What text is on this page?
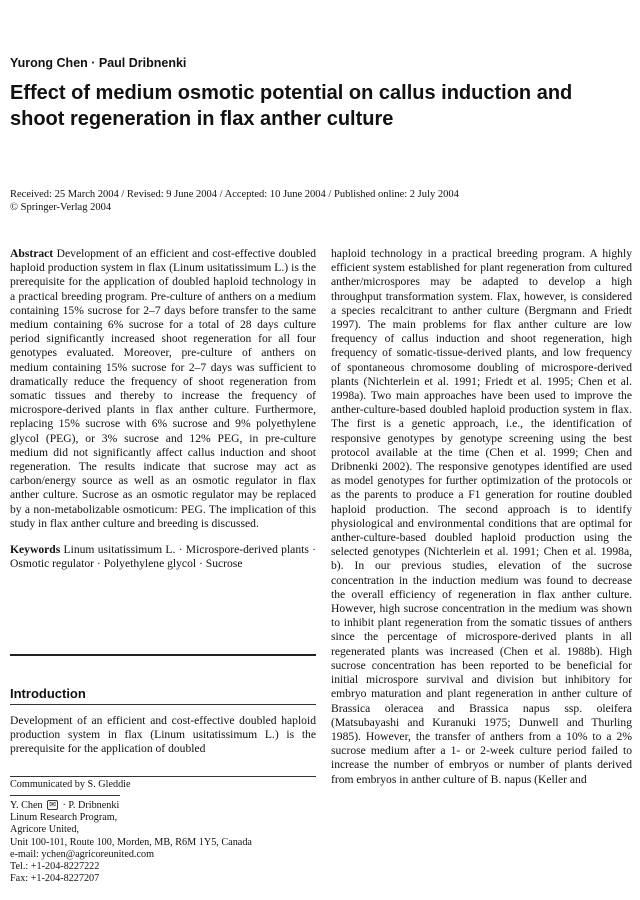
Yurong Chen · Paul Dribnenki
Effect of medium osmotic potential on callus induction and shoot regeneration in flax anther culture
Received: 25 March 2004 / Revised: 9 June 2004 / Accepted: 10 June 2004 / Published online: 2 July 2004
© Springer-Verlag 2004

Abstract Development of an efficient and cost-effective doubled haploid production system in flax (Linum usitatissimum L.) is the prerequisite for the application of doubled haploid technology in a practical breeding program. Pre-culture of anthers on a medium containing 15% sucrose for 2–7 days before transfer to the same medium containing 6% sucrose for a total of 28 days culture period significantly increased shoot regeneration for all four genotypes evaluated. Moreover, pre-culture of anthers on medium containing 15% sucrose for 2–7 days was sufficient to dramatically reduce the frequency of shoot regeneration from somatic tissues and thereby to increase the frequency of microspore-derived plants in flax anther culture. Furthermore, replacing 15% sucrose with 6% sucrose and 9% polyethylene glycol (PEG), or 3% sucrose and 12% PEG, in pre-culture medium did not significantly affect callus induction and shoot regeneration. The results indicate that sucrose may act as carbon/energy source as well as an osmotic regulator in flax anther culture. Sucrose as an osmotic regulator may be replaced by a non-metabolizable osmoticum: PEG. The implication of this study in flax anther culture and breeding is discussed.

Keywords Linum usitatissimum L. · Microspore-derived plants · Osmotic regulator · Polyethylene glycol · Sucrose

Introduction
Development of an efficient and cost-effective doubled haploid production system in flax (Linum usitatissimum L.) is the prerequisite for the application of doubled
Communicated by S. Gleddie
Y. Chen ✉ · P. Dribnenki
Linum Research Program,
Agricore United,
Unit 100-101, Route 100, Morden, MB, R6M 1Y5, Canada
e-mail: ychen@agricoreunited.com
Tel.: +1-204-8227222
Fax: +1-204-8227207

haploid technology in a practical breeding program. A highly efficient system established for plant regeneration from cultured anther/microspores may be adapted to develop a high throughput transformation system. Flax, however, is considered a species recalcitrant to anther culture (Bergmann and Friedt 1997). The main problems for flax anther culture are low frequency of callus induction and shoot regeneration, high frequency of somatic-tissue-derived plants, and low frequency of spontaneous chromosome doubling of microspore-derived plants (Nichterlein et al. 1991; Friedt et al. 1995; Chen et al. 1998a). Two main approaches have been used to improve the anther-culture-based doubled haploid production system in flax. The first is a genetic approach, i.e., the identification of responsive genotypes by genotype screening using the best protocol available at the time (Chen et al. 1999; Chen and Dribnenki 2002). The responsive genotypes identified are used as model genotypes for further optimization of the protocols or as the parents to produce a F1 generation for routine doubled haploid production. The second approach is to identify physiological and environmental conditions that are optimal for anther-culture-based doubled haploid production using the selected genotypes (Nichterlein et al. 1991; Chen et al. 1998a, b). In our previous studies, elevation of the sucrose concentration in the induction medium was found to decrease the overall efficiency of regeneration in flax anther culture. However, high sucrose concentration in the medium was shown to inhibit plant regeneration from the somatic tissues of anthers since the percentage of microspore-derived plants in all regenerated plants was increased (Chen et al. 1988b). High sucrose concentration has been reported to be beneficial for initial microspore survival and division but inhibitory for embryo maturation and plant regeneration in anther culture of Brassica oleracea and Brassica napus ssp. oleifera (Matsubayashi and Kuranuki 1975; Dunwell and Thurling 1985). However, the transfer of anthers from a 10% to a 2% sucrose medium after a 1- or 2-week culture period failed to increase the number of embryos or number of plants derived from embryos in anther culture of B. napus (Keller and
